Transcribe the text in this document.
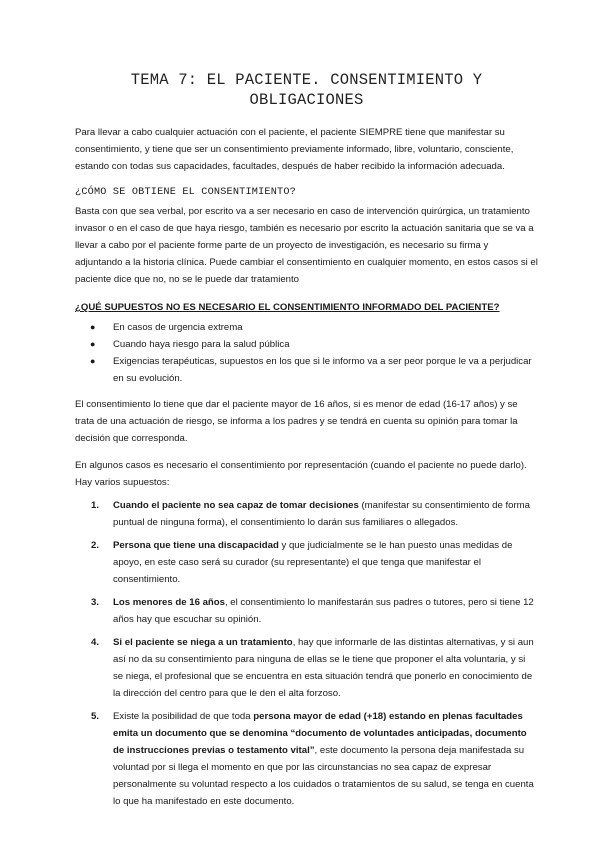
TEMA 7: EL PACIENTE. CONSENTIMIENTO Y OBLIGACIONES

Para llevar a cabo cualquier actuación con el paciente, el paciente SIEMPRE tiene que manifestar su consentimiento, y tiene que ser un consentimiento previamente informado, libre, voluntario, consciente, estando con todas sus capacidades, facultades, después de haber recibido la información adecuada.

¿CÓMO SE OBTIENE EL CONSENTIMIENTO?

Basta con que sea verbal, por escrito va a ser necesario en caso de intervención quirúrgica, un tratamiento invasor o en el caso de que haya riesgo, también es necesario por escrito la actuación sanitaria que se va a llevar a cabo por el paciente forme parte de un proyecto de investigación, es necesario su firma y adjuntando a la historia clínica. Puede cambiar el consentimiento en cualquier momento, en estos casos si el paciente dice que no, no se le puede dar tratamiento

¿QUÉ SUPUESTOS NO ES NECESARIO EL CONSENTIMIENTO INFORMADO DEL PACIENTE?
● En casos de urgencia extrema
● Cuando haya riesgo para la salud pública
● Exigencias terapéuticas, supuestos en los que si le informo va a ser peor porque le va a perjudicar en su evolución.

El consentimiento lo tiene que dar el paciente mayor de 16 años, si es menor de edad (16-17 años) y se trata de una actuación de riesgo, se informa a los padres y se tendrá en cuenta su opinión para tomar la decisión que corresponda.

En algunos casos es necesario el consentimiento por representación (cuando el paciente no puede darlo). Hay varios supuestos:

1. Cuando el paciente no sea capaz de tomar decisiones (manifestar su consentimiento de forma puntual de ninguna forma), el consentimiento lo darán sus familiares o allegados.
2. Persona que tiene una discapacidad y que judicialmente se le han puesto unas medidas de apoyo, en este caso será su curador (su representante) el que tenga que manifestar el consentimiento.
3. Los menores de 16 años, el consentimiento lo manifestarán sus padres o tutores, pero si tiene 12 años hay que escuchar su opinión.
4. Si el paciente se niega a un tratamiento, hay que informarle de las distintas alternativas, y si aun así no da su consentimiento para ninguna de ellas se le tiene que proponer el alta voluntaria, y si se niega, el profesional que se encuentra en esta situación tendrá que ponerlo en conocimiento de la dirección del centro para que le den el alta forzoso.
5. Existe la posibilidad de que toda persona mayor de edad (+18) estando en plenas facultades emita un documento que se denomina “documento de voluntades anticipadas, documento de instrucciones previas o testamento vital”, este documento la persona deja manifestada su voluntad por si llega el momento en que por las circunstancias no sea capaz de expresar personalmente su voluntad respecto a los cuidados o tratamientos de su salud, se tenga en cuenta lo que ha manifestado en este documento.
